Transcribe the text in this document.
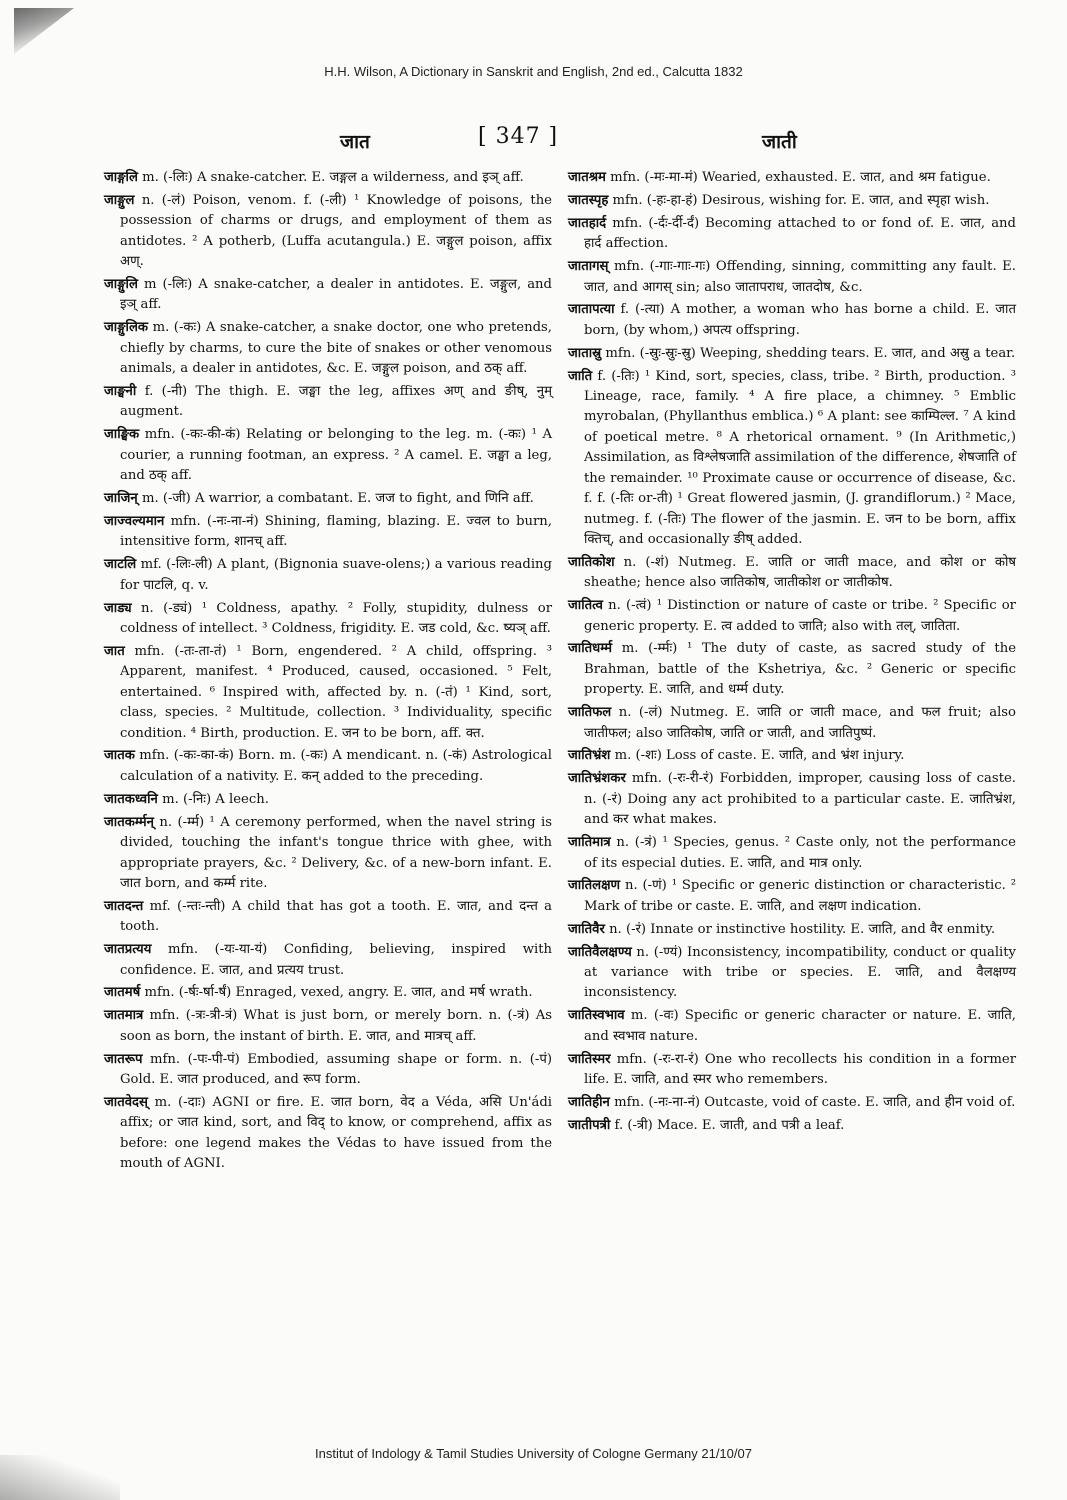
H.H. Wilson, A Dictionary in Sanskrit and English, 2nd ed., Calcutta 1832
जात	[ 347 ]	जाती

जाङ्गलि m. (-लिः) A snake-catcher. E. जङ्गल a wilderness, and इञ् aff.

जाङ्गुल n. (-लं) Poison, venom. f. (-ली) ¹ Knowledge of poisons, the possession of charms or drugs, and employment of them as antidotes. ² A potherb, (Luffa acutangula.) E. जङ्गुल poison, affix अण्.

जाङ्गुलि m (-लिः) A snake-catcher, a dealer in antidotes. E. जङ्गुल, and इञ् aff.

जाङ्गुलिक m. (-कः) A snake-catcher, a snake doctor, one who pretends, chiefly by charms, to cure the bite of snakes or other venomous animals, a dealer in antidotes, &c. E. जङ्गुल poison, and ठक् aff.

जाङ्घनी f. (-नी) The thigh. E. जङ्घा the leg, affixes अण् and ङीष्, नुम् augment.

जाङ्घिक mfn. (-कः-की-कं) Relating or belonging to the leg. m. (-कः) ¹ A courier, a running footman, an express. ² A camel. E. जङ्घा a leg, and ठक् aff.

जाजिन् m. (-जी) A warrior, a combatant. E. जज to fight, and णिनि aff.

जाज्वल्यमान mfn. (-नः-ना-नं) Shining, flaming, blazing. E. ज्वल to burn, intensitive form, शानच् aff.

जाटलि mf. (-लिः-ली) A plant, (Bignonia suave-olens;) a various reading for पाटलि, q. v.

जाड्य n. (-ड्यं) ¹ Coldness, apathy. ² Folly, stupidity, dulness or coldness of intellect. ³ Coldness, frigidity. E. जड cold, &c. ष्यञ् aff.

जात mfn. (-तः-ता-तं) ¹ Born, engendered. ² A child, offspring. ³ Apparent, manifest. ⁴ Produced, caused, occasioned. ⁵ Felt, entertained. ⁶ Inspired with, affected by. n. (-तं) ¹ Kind, sort, class, species. ² Multitude, collection. ³ Individuality, specific condition. ⁴ Birth, production. E. जन to be born, aff. क्त.

जातक mfn. (-कः-का-कं) Born. m. (-कः) A mendicant. n. (-कं) Astrological calculation of a nativity. E. कन् added to the preceding.

जातकध्वनि m. (-निः) A leech.

जातकर्म्मन् n. (-र्म्म) ¹ A ceremony performed, when the navel string is divided, touching the infant's tongue thrice with ghee, with appropriate prayers, &c. ² Delivery, &c. of a new-born infant. E. जात born, and कर्म्म rite.

जातदन्त mf. (-न्तः-न्ती) A child that has got a tooth. E. जात, and दन्त a tooth.

जातप्रत्यय mfn. (-यः-या-यं) Confiding, believing, inspired with confidence. E. जात, and प्रत्यय trust.

जातमर्ष mfn. (-र्षः-र्षा-र्षं) Enraged, vexed, angry. E. जात, and मर्ष wrath.

जातमात्र mfn. (-त्रः-त्री-त्रं) What is just born, or merely born. n. (-त्रं) As soon as born, the instant of birth. E. जात, and मात्रच् aff.

जातरूप mfn. (-पः-पी-पं) Embodied, assuming shape or form. n. (-पं) Gold. E. जात produced, and रूप form.

जातवेदस् m. (-दाः) AGNI or fire. E. जात born, वेद a Véda, असि Un'ádi affix; or जात kind, sort, and विद् to know, or comprehend, affix as before: one legend makes the Védas to have issued from the mouth of AGNI.

जातश्रम mfn. (-मः-मा-मं) Wearied, exhausted. E. जात, and श्रम fatigue.

जातस्पृह mfn. (-हः-हा-हं) Desirous, wishing for. E. जात, and स्पृहा wish.

जातहार्द mfn. (-र्दः-र्दी-र्दं) Becoming attached to or fond of. E. जात, and हार्द affection.

जातागस् mfn. (-गाः-गाः-गः) Offending, sinning, committing any fault. E. जात, and आगस् sin; also जातापराध, जातदोष, &c.

जातापत्या f. (-त्या) A mother, a woman who has borne a child. E. जात born, (by whom,) अपत्य offspring.

जातास्रु mfn. (-स्रुः-स्रुः-स्रु) Weeping, shedding tears. E. जात, and अस्रु a tear.

जाति f. (-तिः) ¹ Kind, sort, species, class, tribe. ² Birth, production. ³ Lineage, race, family. ⁴ A fire place, a chimney. ⁵ Emblic myrobalan, (Phyllanthus emblica.) ⁶ A plant: see काम्पिल्ल. ⁷ A kind of poetical metre. ⁸ A rhetorical ornament. ⁹ (In Arithmetic,) Assimilation, as विश्लेषजाति assimilation of the difference, शेषजाति of the remainder. ¹⁰ Proximate cause or occurrence of disease, &c. f. f. (-तिः or-ती) ¹ Great flowered jasmin, (J. grandiflorum.) ² Mace, nutmeg. f. (-तिः) The flower of the jasmin. E. जन to be born, affix क्तिच्, and occasionally ङीष् added.

जातिकोश n. (-शं) Nutmeg. E. जाति or जाती mace, and कोश or कोष sheathe; hence also जातिकोष, जातीकोश or जातीकोष.

जातित्व n. (-त्वं) ¹ Distinction or nature of caste or tribe. ² Specific or generic property. E. त्व added to जाति; also with तल्, जातिता.

जातिधर्म्म m. (-र्म्मः) ¹ The duty of caste, as sacred study of the Brahman, battle of the Kshetriya, &c. ² Generic or specific property. E. जाति, and धर्म्म duty.

जातिफल n. (-लं) Nutmeg. E. जाति or जाती mace, and फल fruit; also जातीफल; also जातिकोष, जाति or जाती, and जातिपुष्पं.

जातिभ्रंश m. (-शः) Loss of caste. E. जाति, and भ्रंश injury.

जातिभ्रंशकर mfn. (-रः-री-रं) Forbidden, improper, causing loss of caste. n. (-रं) Doing any act prohibited to a particular caste. E. जातिभ्रंश, and कर what makes.

जातिमात्र n. (-त्रं) ¹ Species, genus. ² Caste only, not the performance of its especial duties. E. जाति, and मात्र only.

जातिलक्षण n. (-णं) ¹ Specific or generic distinction or characteristic. ² Mark of tribe or caste. E. जाति, and लक्षण indication.

जातिवैर n. (-रं) Innate or instinctive hostility. E. जाति, and वैर enmity.

जातिवैलक्षण्य n. (-ण्यं) Inconsistency, incompatibility, conduct or quality at variance with tribe or species. E. जाति, and वैलक्षण्य inconsistency.

जातिस्वभाव m. (-वः) Specific or generic character or nature. E. जाति, and स्वभाव nature.

जातिस्मर mfn. (-रः-रा-रं) One who recollects his condition in a former life. E. जाति, and स्मर who remembers.

जातिहीन mfn. (-नः-ना-नं) Outcaste, void of caste. E. जाति, and हीन void of.

जातीपत्री f. (-त्री) Mace. E. जाती, and पत्री a leaf.

Institut of Indology & Tamil Studies University of Cologne Germany 21/10/07
